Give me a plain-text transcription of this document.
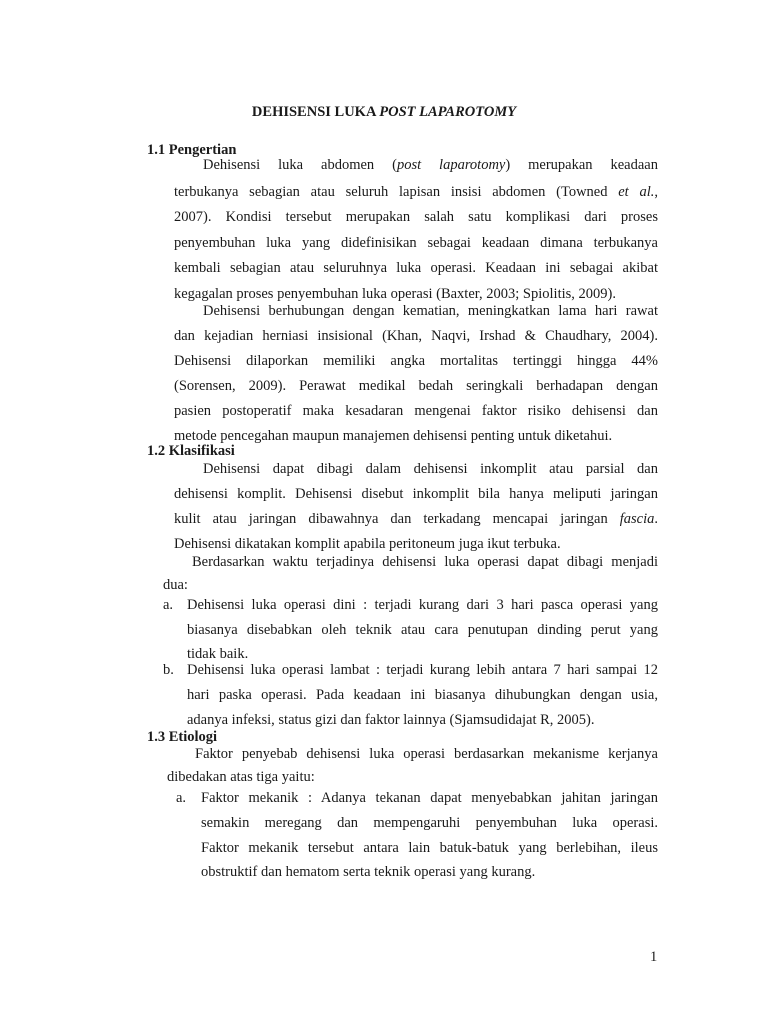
DEHISENSI LUKA POST LAPAROTOMY
1.1 Pengertian
Dehisensi luka abdomen (post laparotomy) merupakan keadaan
terbukanya sebagian atau seluruh lapisan insisi abdomen (Towned et al.,
2007). Kondisi tersebut merupakan salah satu komplikasi dari proses
penyembuhan luka yang didefinisikan sebagai keadaan dimana terbukanya
kembali sebagian atau seluruhnya luka operasi. Keadaan ini sebagai akibat
kegagalan proses penyembuhan luka operasi (Baxter, 2003; Spiolitis, 2009).
Dehisensi berhubungan dengan kematian, meningkatkan lama hari rawat
dan kejadian herniasi insisional (Khan, Naqvi, Irshad & Chaudhary, 2004).
Dehisensi dilaporkan memiliki angka mortalitas tertinggi hingga 44%
(Sorensen, 2009). Perawat medikal bedah seringkali berhadapan dengan
pasien postoperatif maka kesadaran mengenai faktor risiko dehisensi dan
metode pencegahan maupun manajemen dehisensi penting untuk diketahui.
1.2 Klasifikasi
Dehisensi dapat dibagi dalam dehisensi inkomplit atau parsial dan
dehisensi komplit. Dehisensi disebut inkomplit bila hanya meliputi jaringan
kulit atau jaringan dibawahnya dan terkadang mencapai jaringan fascia.
Dehisensi dikatakan komplit apabila peritoneum juga ikut terbuka.
Berdasarkan waktu terjadinya dehisensi luka operasi dapat dibagi menjadi
dua:
a. Dehisensi luka operasi dini : terjadi kurang dari 3 hari pasca operasi yang
biasanya disebabkan oleh teknik atau cara penutupan dinding perut yang
tidak baik.
b. Dehisensi luka operasi lambat : terjadi kurang lebih antara 7 hari sampai 12
hari paska operasi. Pada keadaan ini biasanya dihubungkan dengan usia,
adanya infeksi, status gizi dan faktor lainnya (Sjamsudidajat R, 2005).
1.3 Etiologi
Faktor penyebab dehisensi luka operasi berdasarkan mekanisme kerjanya
dibedakan atas tiga yaitu:
a. Faktor mekanik : Adanya tekanan dapat menyebabkan jahitan jaringan
semakin meregang dan mempengaruhi penyembuhan luka operasi.
Faktor mekanik tersebut antara lain batuk-batuk yang berlebihan, ileus
obstruktif dan hematom serta teknik operasi yang kurang.
1
